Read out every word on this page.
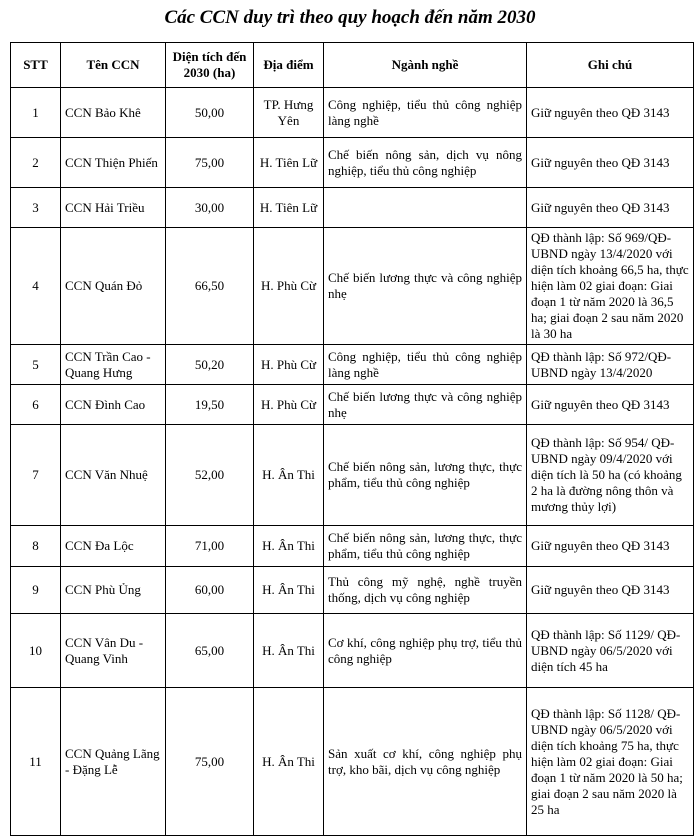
Các CCN duy trì theo quy hoạch đến năm 2030
STT	Tên CCN	Diện tích đến 2030 (ha)	Địa điểm	Ngành nghề	Ghi chú
1	CCN Bảo Khê	50,00	TP. Hưng Yên	Công nghiệp, tiểu thủ công nghiệp làng nghề	Giữ nguyên theo QĐ 3143
2	CCN Thiện Phiến	75,00	H. Tiên Lữ	Chế biến nông sản, dịch vụ nông nghiệp, tiểu thủ công nghiệp	Giữ nguyên theo QĐ 3143
3	CCN Hải Triều	30,00	H. Tiên Lữ		Giữ nguyên theo QĐ 3143
4	CCN Quán Đỏ	66,50	H. Phù Cừ	Chế biến lương thực và công nghiệp nhẹ	QĐ thành lập: Số 969/QĐ-UBND ngày 13/4/2020 với diện tích khoảng 66,5 ha, thực hiện làm 02 giai đoạn: Giai đoạn 1 từ năm 2020 là 36,5 ha; giai đoạn 2 sau năm 2020 là 30 ha
5	CCN Trần Cao - Quang Hưng	50,20	H. Phù Cừ	Công nghiệp, tiểu thủ công nghiệp làng nghề	QĐ thành lập: Số 972/QĐ-UBND ngày 13/4/2020
6	CCN Đình Cao	19,50	H. Phù Cừ	Chế biến lương thực và công nghiệp nhẹ	Giữ nguyên theo QĐ 3143
7	CCN Văn Nhuệ	52,00	H. Ân Thi	Chế biến nông sản, lương thực, thực phẩm, tiểu thủ công nghiệp	QĐ thành lập: Số 954/ QĐ-UBND ngày 09/4/2020 với diện tích là 50 ha (có khoảng 2 ha là đường nông thôn và mương thủy lợi)
8	CCN Đa Lộc	71,00	H. Ân Thi	Chế biến nông sản, lương thực, thực phẩm, tiểu thủ công nghiệp	Giữ nguyên theo QĐ 3143
9	CCN Phù Ủng	60,00	H. Ân Thi	Thủ công mỹ nghệ, nghề truyền thống, dịch vụ công nghiệp	Giữ nguyên theo QĐ 3143
10	CCN Vân Du - Quang Vinh	65,00	H. Ân Thi	Cơ khí, công nghiệp phụ trợ, tiểu thủ công nghiệp	QĐ thành lập: Số 1129/ QĐ-UBND ngày 06/5/2020 với diện tích 45 ha
11	CCN Quảng Lãng - Đặng Lễ	75,00	H. Ân Thi	Sản xuất cơ khí, công nghiệp phụ trợ, kho bãi, dịch vụ công nghiệp	QĐ thành lập: Số 1128/ QĐ-UBND ngày 06/5/2020 với diện tích khoảng 75 ha, thực hiện làm 02 giai đoạn: Giai đoạn 1 từ năm 2020 là 50 ha; giai đoạn 2 sau năm 2020 là 25 ha
